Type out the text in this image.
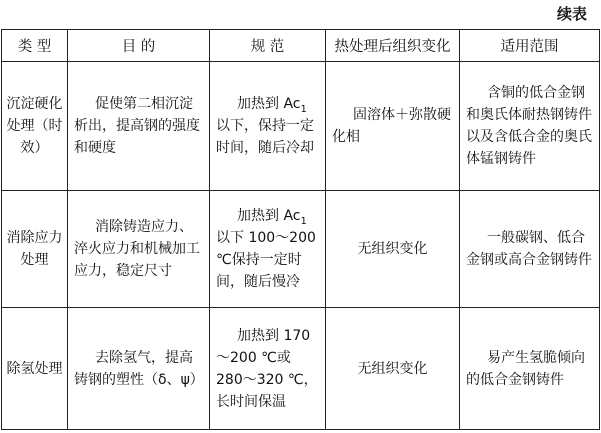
续表
类 型	目 的	规 范	热处理后组织变化	适用范围
沉淀硬化处理（时效）	促使第二相沉淀析出，提高钢的强度和硬度	加热到 $Ac_1$ 以下，保持一定时间，随后冷却	固溶体＋弥散硬化相	含铜的低合金钢和奥氏体耐热钢铸件以及含低合金的奥氏体锰钢铸件
消除应力处理	消除铸造应力、淬火应力和机械加工应力，稳定尺寸	加热到 $Ac_1$ 以下 100～200 ℃保持一定时间，随后慢冷	无组织变化	一般碳钢、低合金钢或高合金钢铸件
除氢处理	去除氢气，提高铸钢的塑性（δ、ψ）	加热到 170～200 ℃或 280～320 ℃，长时间保温	无组织变化	易产生氢脆倾向的低合金钢铸件
